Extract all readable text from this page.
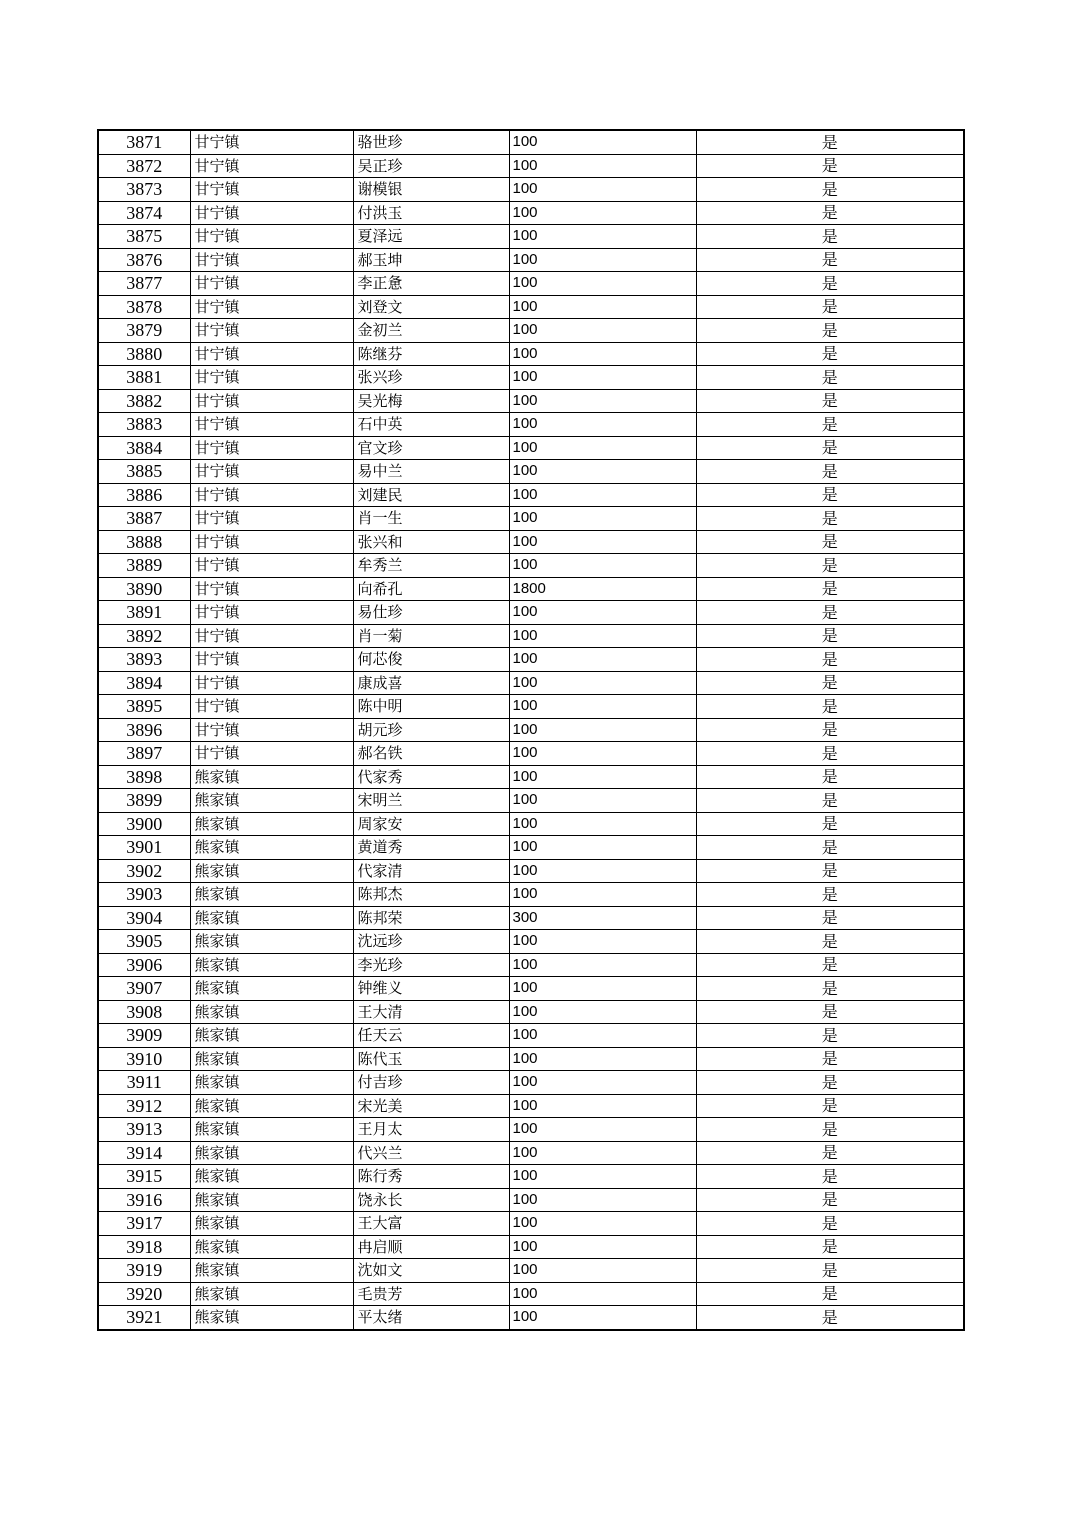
3871	甘宁镇	骆世珍	100	是
3872	甘宁镇	吴正珍	100	是
3873	甘宁镇	谢模银	100	是
3874	甘宁镇	付洪玉	100	是
3875	甘宁镇	夏泽远	100	是
3876	甘宁镇	郝玉坤	100	是
3877	甘宁镇	李正惫	100	是
3878	甘宁镇	刘登文	100	是
3879	甘宁镇	金初兰	100	是
3880	甘宁镇	陈继芬	100	是
3881	甘宁镇	张兴珍	100	是
3882	甘宁镇	吴光梅	100	是
3883	甘宁镇	石中英	100	是
3884	甘宁镇	官文珍	100	是
3885	甘宁镇	易中兰	100	是
3886	甘宁镇	刘建民	100	是
3887	甘宁镇	肖一生	100	是
3888	甘宁镇	张兴和	100	是
3889	甘宁镇	牟秀兰	100	是
3890	甘宁镇	向希孔	1800	是
3891	甘宁镇	易仕珍	100	是
3892	甘宁镇	肖一菊	100	是
3893	甘宁镇	何芯俊	100	是
3894	甘宁镇	康成喜	100	是
3895	甘宁镇	陈中明	100	是
3896	甘宁镇	胡元珍	100	是
3897	甘宁镇	郝名铁	100	是
3898	熊家镇	代家秀	100	是
3899	熊家镇	宋明兰	100	是
3900	熊家镇	周家安	100	是
3901	熊家镇	黄道秀	100	是
3902	熊家镇	代家清	100	是
3903	熊家镇	陈邦杰	100	是
3904	熊家镇	陈邦荣	300	是
3905	熊家镇	沈远珍	100	是
3906	熊家镇	李光珍	100	是
3907	熊家镇	钟维义	100	是
3908	熊家镇	王大清	100	是
3909	熊家镇	任天云	100	是
3910	熊家镇	陈代玉	100	是
3911	熊家镇	付吉珍	100	是
3912	熊家镇	宋光美	100	是
3913	熊家镇	王月太	100	是
3914	熊家镇	代兴兰	100	是
3915	熊家镇	陈行秀	100	是
3916	熊家镇	饶永长	100	是
3917	熊家镇	王大富	100	是
3918	熊家镇	冉启顺	100	是
3919	熊家镇	沈如文	100	是
3920	熊家镇	毛贵芳	100	是
3921	熊家镇	平太绪	100	是
